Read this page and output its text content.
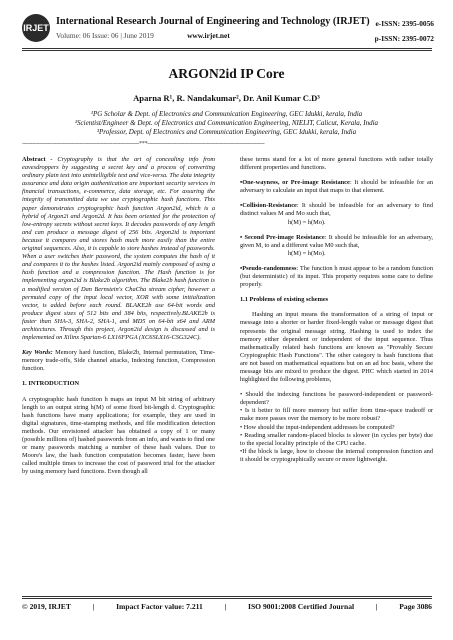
IRJET
International Research Journal of Engineering and Technology (IRJET)
Volume: 06 Issue: 06 | June 2019	www.irjet.net
e-ISSN: 2395-0056
p-ISSN: 2395-0072
ARGON2id IP Core
Aparna R¹, R. Nandakumar², Dr. Anil Kumar C.D³
¹PG Scholar & Dept. of Electronics and Communication Engineering, GEC Idukki, kerala, India
²Scientist/Engineer & Dept. of Electronics and Communication Engineering, NIELIT, Calicut, Kerala, India
³Professor, Dept. of Electronics and Communication Engineering, GEC Idukki, kerala, India
---------------------------------------------------------------------***---------------------------------------------------------------------

Abstract - Cryptography is that the art of concealing info from eavesdroppers by suggesting a secret key and a process of converting ordinary plain text into unintelligible text and vice-versa. The data integrity assurance and data origin authentication are important security services in financial transactions, e-commerce, data storage, etc. For assuring the integrity of transmitted data we use cryptographic hash functions. This paper demonstrates cryptographic hash function Argon2id, which is a hybrid of Argon2i and Argon2d. It has been oriented for the protection of low-entropy secrets without secret keys. It decodes passwords of any length and can produce a message digest of 256 bits. Argon2id is important because it compares and stores hash much more easily than the entire original sequences. Also, it is capable to store hashes instead of passwords. When a user switches their password, the system computes the hash of it and compares it to the hashes listed. Argon2id mainly composed of using a hash function and a compression function. The Hash function is for implementing argon2id is Blake2b algorithm. The Blake2b hash function is a modified version of Dan Bernstein's ChaCha stream cipher, however a permuted copy of the input local vector, XOR with some initialization vector, is added before each round. BLAKE2b use 64-bit words and produce digest sizes of 512 bits and 384 bits, respectively.BLAKE2b is faster than SHA-3, SHA-2, SHA-1, and MD5 on 64-bit x64 and ARM architectures. Through this project, Argon2id design is discussed and is implemented on Xilinx Spartan-6 LX16FPGA (XC6SLX16-CSG324C).

Key Words: Memory hard function, Blake2b, Internal permutation, Time-memory trade-offs, Side channel attacks, Indexing function, Compression function.

1. INTRODUCTION

A cryptographic hash function h maps an input M bit string of arbitrary length to an output string h(M) of some fixed bit-length d. Cryptographic hash functions have many applications; for example, they are used in digital signatures, time-stamping methods, and file modification detection methods. Our envisioned attacker has obtained a copy of 1 or many (possible millions of) hashed passwords from an info, and wants to find one or many passwords matching a number of these hash values. Due to Moore's law, the hash function computation becomes faster, have been called multiple times to increase the cost of password trial for the attacker by using memory hard functions. Even though all

these terms stand for a lot of more general functions with rather totally different properties and functions.

•One-wayness, or Pre-image Resistance: It should be infeasible for an adversary to calculate an input that maps to that element.

•Collision-Resistance: It should be infeasible for an adversary to find distinct values M and Mo such that,
h(M) = h(Mo).

• Second Pre-image Resistance: It should be infeasible for an adversary, given M, to and a different value M0 such that,
h(M) = h(Mo).

•Pseudo-randomness: The function h must appear to be a random function (but deterministic) of its input. This property requires some care to define properly.

1.1 Problems of existing schemes

Hashing an input means the transformation of a string of input or message into a shorter or harder fixed-length value or message digest that represents the original message string. Hashing is used to index the memory either dependent or independent of the input sequence. Thus mathematically related hash functions are known as "Provably Secure Cryptographic Hash Functions". The other category is hash functions that are not based on mathematical equations but on an ad hoc basis, where the message bits are mixed to produce the digest. PHC which started in 2014 highlighted the following problems,

• Should the indexing functions be password-independent or password-dependent?

• Is it better to fill more memory but suffer from time-space tradeoff or make more passes over the memory to be more robust?

• How should the input-independent addresses be computed?

• Reading smaller random-placed blocks is slower (in cycles per byte) due to the special locality principle of the CPU cache.

•If the block is large, how to choose the internal compression function and it should be cryptographically secure or more lightweight.

© 2019, IRJET	|	Impact Factor value: 7.211	|	ISO 9001:2008 Certified Journal	|	Page 3086
